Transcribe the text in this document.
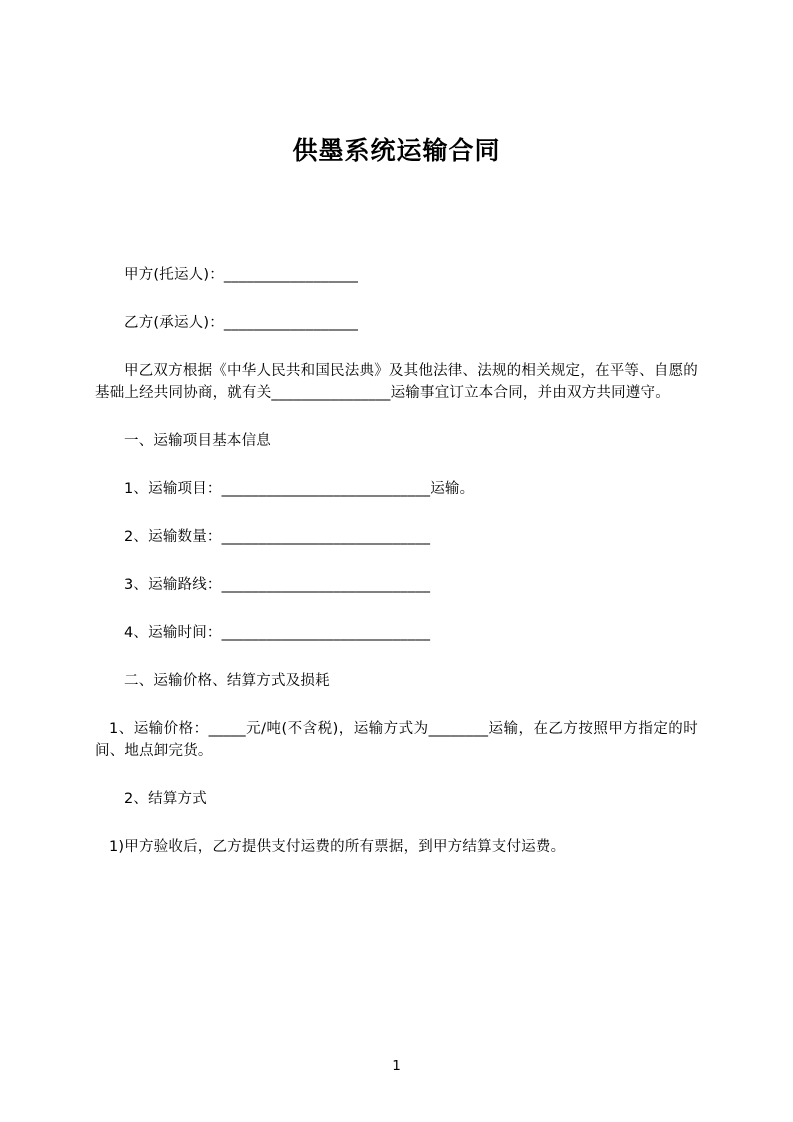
供墨系统运输合同

甲方(托运人)：__________________

乙方(承运人)：__________________

甲乙双方根据《中华人民共和国民法典》及其他法律、法规的相关规定，在平等、自愿的基础上经共同协商，就有关________________运输事宜订立本合同，并由双方共同遵守。

一、运输项目基本信息

1、运输项目：____________________________运输。

2、运输数量：____________________________

3、运输路线：____________________________

4、运输时间：____________________________

二、运输价格、结算方式及损耗

1、运输价格：_____元/吨(不含税)，运输方式为________运输，在乙方按照甲方指定的时间、地点卸完货。

2、结算方式

1)甲方验收后，乙方提供支付运费的所有票据，到甲方结算支付运费。

1
